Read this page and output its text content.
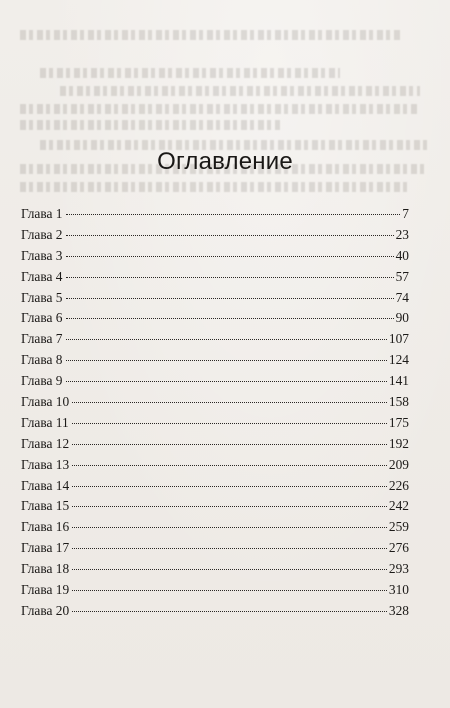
Оглавление
Глава 1	7
Глава 2	23
Глава 3	40
Глава 4	57
Глава 5	74
Глава 6	90
Глава 7	107
Глава 8	124
Глава 9	141
Глава 10	158
Глава 11	175
Глава 12	192
Глава 13	209
Глава 14	226
Глава 15	242
Глава 16	259
Глава 17	276
Глава 18	293
Глава 19	310
Глава 20	328
